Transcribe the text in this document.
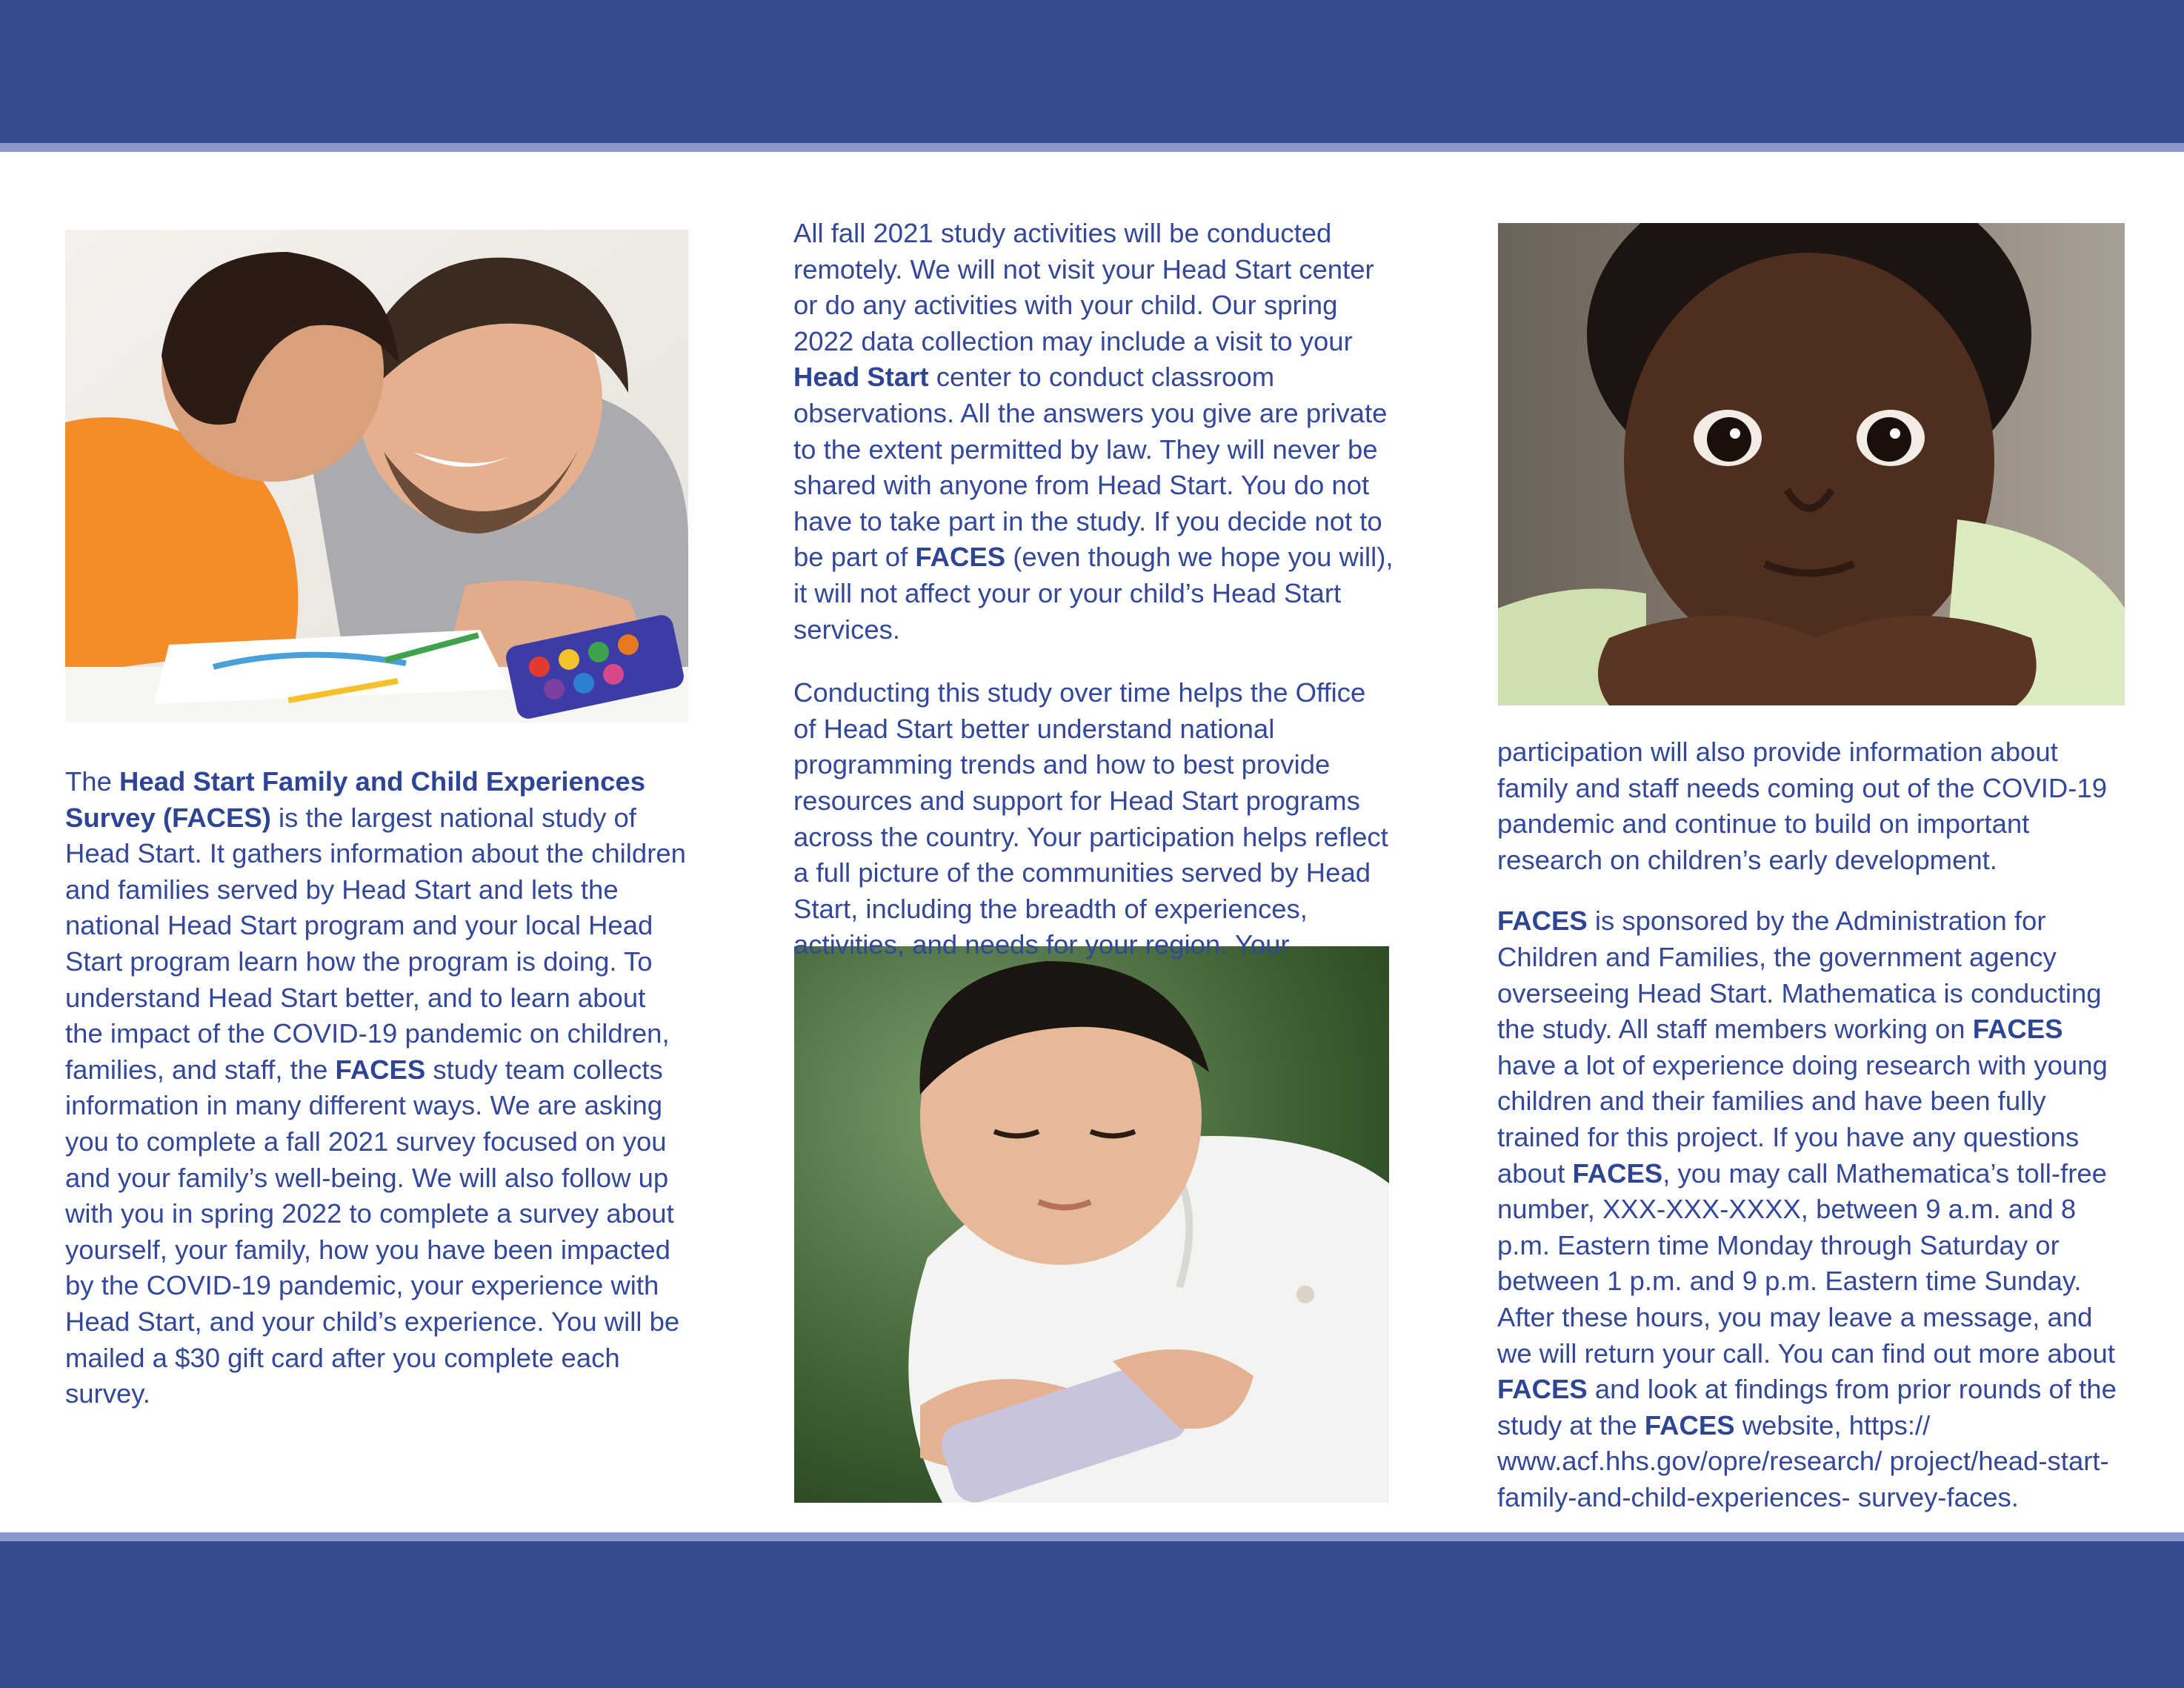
The Head Start Family and Child Experiences Survey (FACES) is the largest national study of Head Start. It gathers information about the children and families served by Head Start and lets the national Head Start program and your local Head Start program learn how the program is doing. To understand Head Start better, and to learn about the impact of the COVID-19 pandemic on children, families, and staff, the FACES study team collects information in many different ways. We are asking you to complete a fall 2021 survey focused on you and your family’s well-being. We will also follow up with you in spring 2022 to complete a survey about yourself, your family, how you have been impacted by the COVID-19 pandemic, your experience with Head Start, and your child’s experience. You will be mailed a $30 gift card after you complete each survey.

All fall 2021 study activities will be conducted remotely. We will not visit your Head Start center or do any activities with your child. Our spring 2022 data collection may include a visit to your Head Start center to conduct classroom observations. All the answers you give are private to the extent permitted by law. They will never be shared with anyone from Head Start. You do not have to take part in the study. If you decide not to be part of FACES (even though we hope you will), it will not affect your or your child’s Head Start services.

Conducting this study over time helps the Office of Head Start better understand national programming trends and how to best provide resources and support for Head Start programs across the country. Your participation helps reflect a full picture of the communities served by Head Start, including the breadth of experiences, activities, and needs for your region. Your

participation will also provide information about family and staff needs coming out of the COVID-19 pandemic and continue to build on important research on children’s early development.

FACES is sponsored by the Administration for Children and Families, the government agency overseeing Head Start. Mathematica is conducting the study. All staff members working on FACES have a lot of experience doing research with young children and their families and have been fully trained for this project. If you have any questions about FACES, you may call Mathematica’s toll-free number, XXX-XXX-XXXX, between 9 a.m. and 8 p.m. Eastern time Monday through Saturday or between 1 p.m. and 9 p.m. Eastern time Sunday. After these hours, you may leave a message, and we will return your call. You can find out more about FACES and look at findings from prior rounds of the study at the FACES website, https:// www.acf.hhs.gov/opre/research/ project/head-start-family-and-child-experiences- survey-faces.
